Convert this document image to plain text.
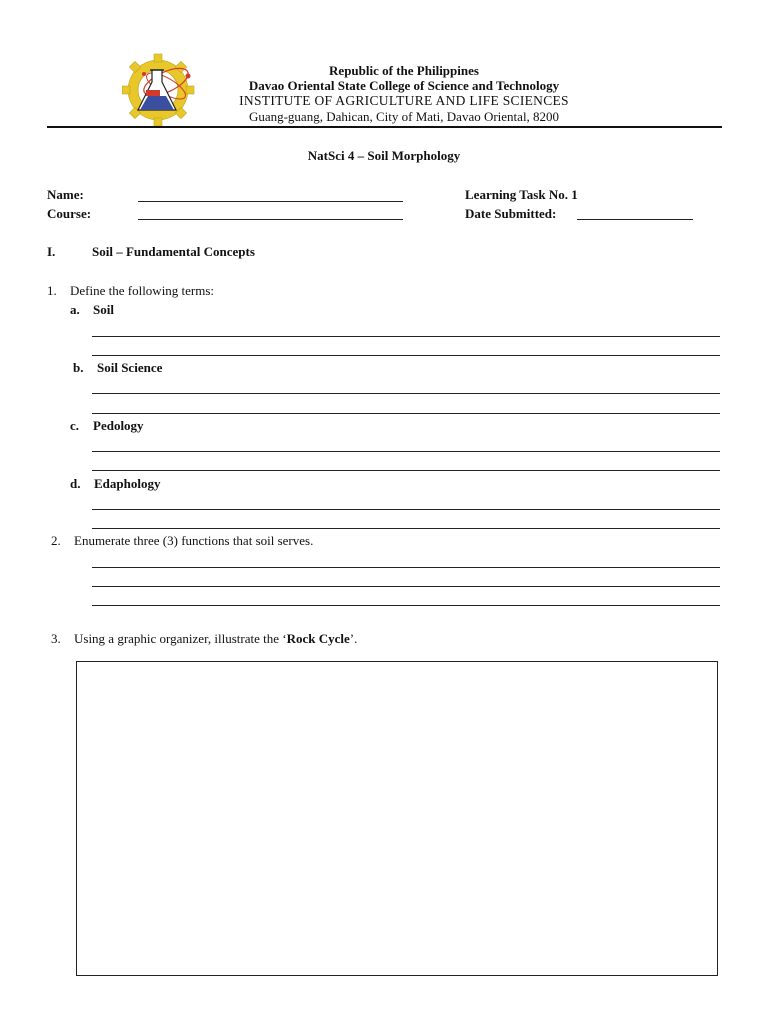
Republic of the Philippines
Davao Oriental State College of Science and Technology
INSTITUTE OF AGRICULTURE AND LIFE SCIENCES
Guang-guang, Dahican, City of Mati, Davao Oriental, 8200
NatSci 4 – Soil Morphology
Name:
Course:
Learning Task No. 1
Date Submitted:
I.	Soil – Fundamental Concepts
1. Define the following terms:
a. Soil
b. Soil Science
c. Pedology
d. Edaphology
2. Enumerate three (3) functions that soil serves.
3. Using a graphic organizer, illustrate the ‘Rock Cycle’.
